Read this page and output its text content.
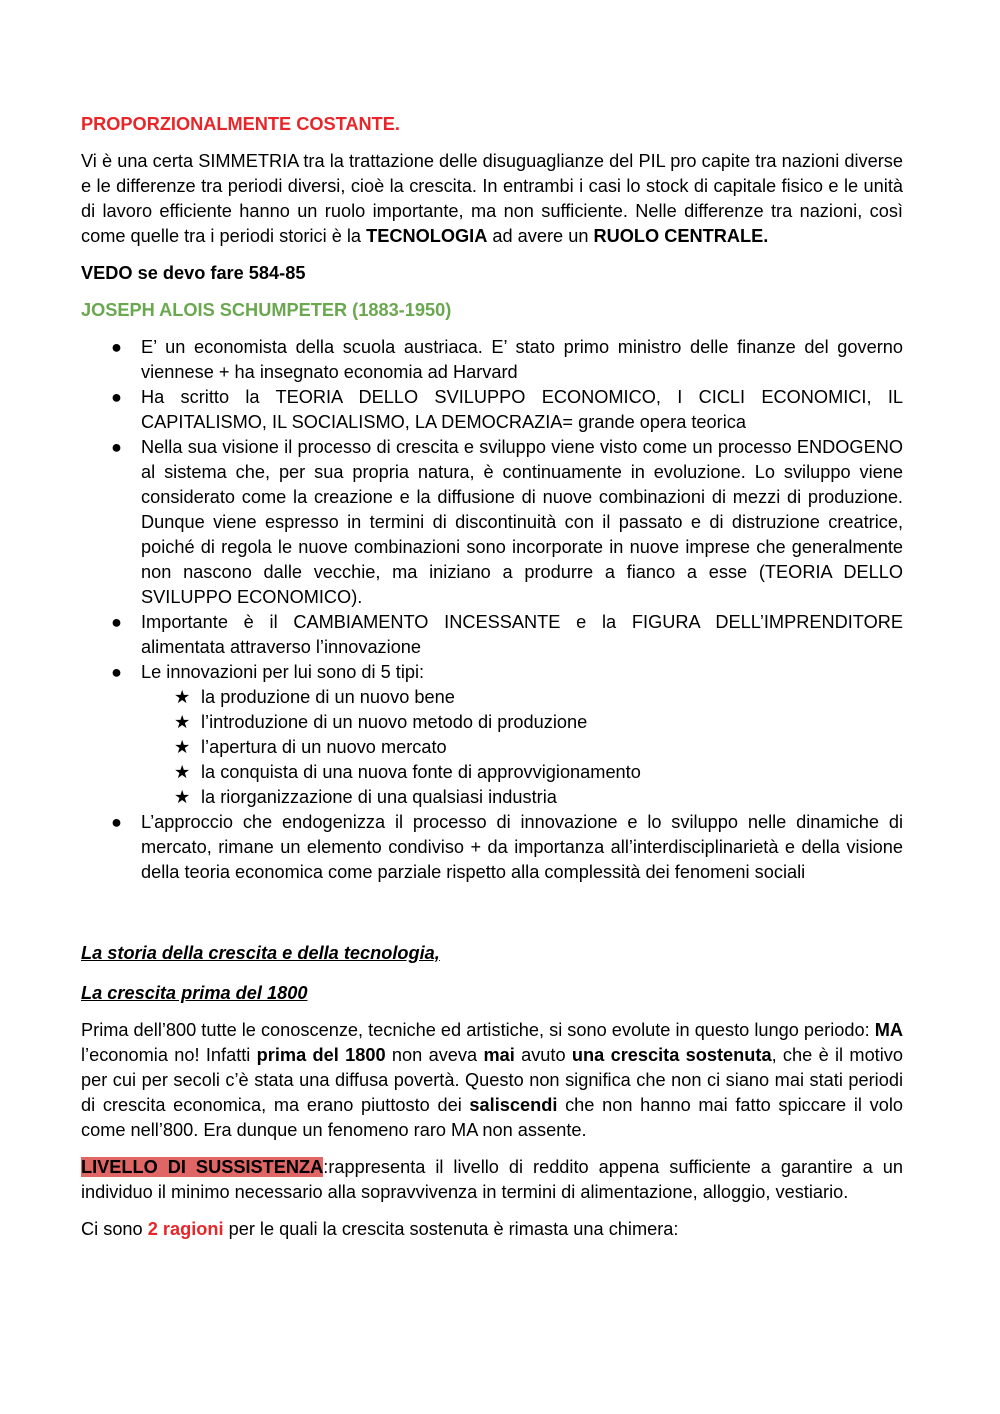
PROPORZIONALMENTE COSTANTE.

Vi è una certa SIMMETRIA tra la trattazione delle disuguaglianze del PIL pro capite tra nazioni diverse e le differenze tra periodi diversi, cioè la crescita. In entrambi i casi lo stock di capitale fisico e le unità di lavoro efficiente hanno un ruolo importante, ma non sufficiente. Nelle differenze tra nazioni, così come quelle tra i periodi storici è la TECNOLOGIA ad avere un RUOLO CENTRALE.

VEDO se devo fare 584-85

JOSEPH ALOIS SCHUMPETER (1883-1950)

● E’ un economista della scuola austriaca. E’ stato primo ministro delle finanze del governo viennese + ha insegnato economia ad Harvard
● Ha scritto la TEORIA DELLO SVILUPPO ECONOMICO, I CICLI ECONOMICI, IL CAPITALISMO, IL SOCIALISMO, LA DEMOCRAZIA= grande opera teorica
● Nella sua visione il processo di crescita e sviluppo viene visto come un processo ENDOGENO al sistema che, per sua propria natura, è continuamente in evoluzione. Lo sviluppo viene considerato come la creazione e la diffusione di nuove combinazioni di mezzi di produzione. Dunque viene espresso in termini di discontinuità con il passato e di distruzione creatrice, poiché di regola le nuove combinazioni sono incorporate in nuove imprese che generalmente non nascono dalle vecchie, ma iniziano a produrre a fianco a esse (TEORIA DELLO SVILUPPO ECONOMICO).
● Importante è il CAMBIAMENTO INCESSANTE e la FIGURA DELL’IMPRENDITORE alimentata attraverso l’innovazione
● Le innovazioni per lui sono di 5 tipi:
★ la produzione di un nuovo bene
★ l’introduzione di un nuovo metodo di produzione
★ l’apertura di un nuovo mercato
★ la conquista di una nuova fonte di approvvigionamento
★ la riorganizzazione di una qualsiasi industria
● L’approccio che endogenizza il processo di innovazione e lo sviluppo nelle dinamiche di mercato, rimane un elemento condiviso + da importanza all’interdisciplinarietà e della visione della teoria economica come parziale rispetto alla complessità dei fenomeni sociali

La storia della crescita e della tecnologia,

La crescita prima del 1800

Prima dell’800 tutte le conoscenze, tecniche ed artistiche, si sono evolute in questo lungo periodo: MA l’economia no! Infatti prima del 1800 non aveva mai avuto una crescita sostenuta, che è il motivo per cui per secoli c’è stata una diffusa povertà. Questo non significa che non ci siano mai stati periodi di crescita economica, ma erano piuttosto dei saliscendi che non hanno mai fatto spiccare il volo come nell’800. Era dunque un fenomeno raro MA non assente.

LIVELLO DI SUSSISTENZA:rappresenta il livello di reddito appena sufficiente a garantire a un individuo il minimo necessario alla sopravvivenza in termini di alimentazione, alloggio, vestiario.

Ci sono 2 ragioni per le quali la crescita sostenuta è rimasta una chimera:
